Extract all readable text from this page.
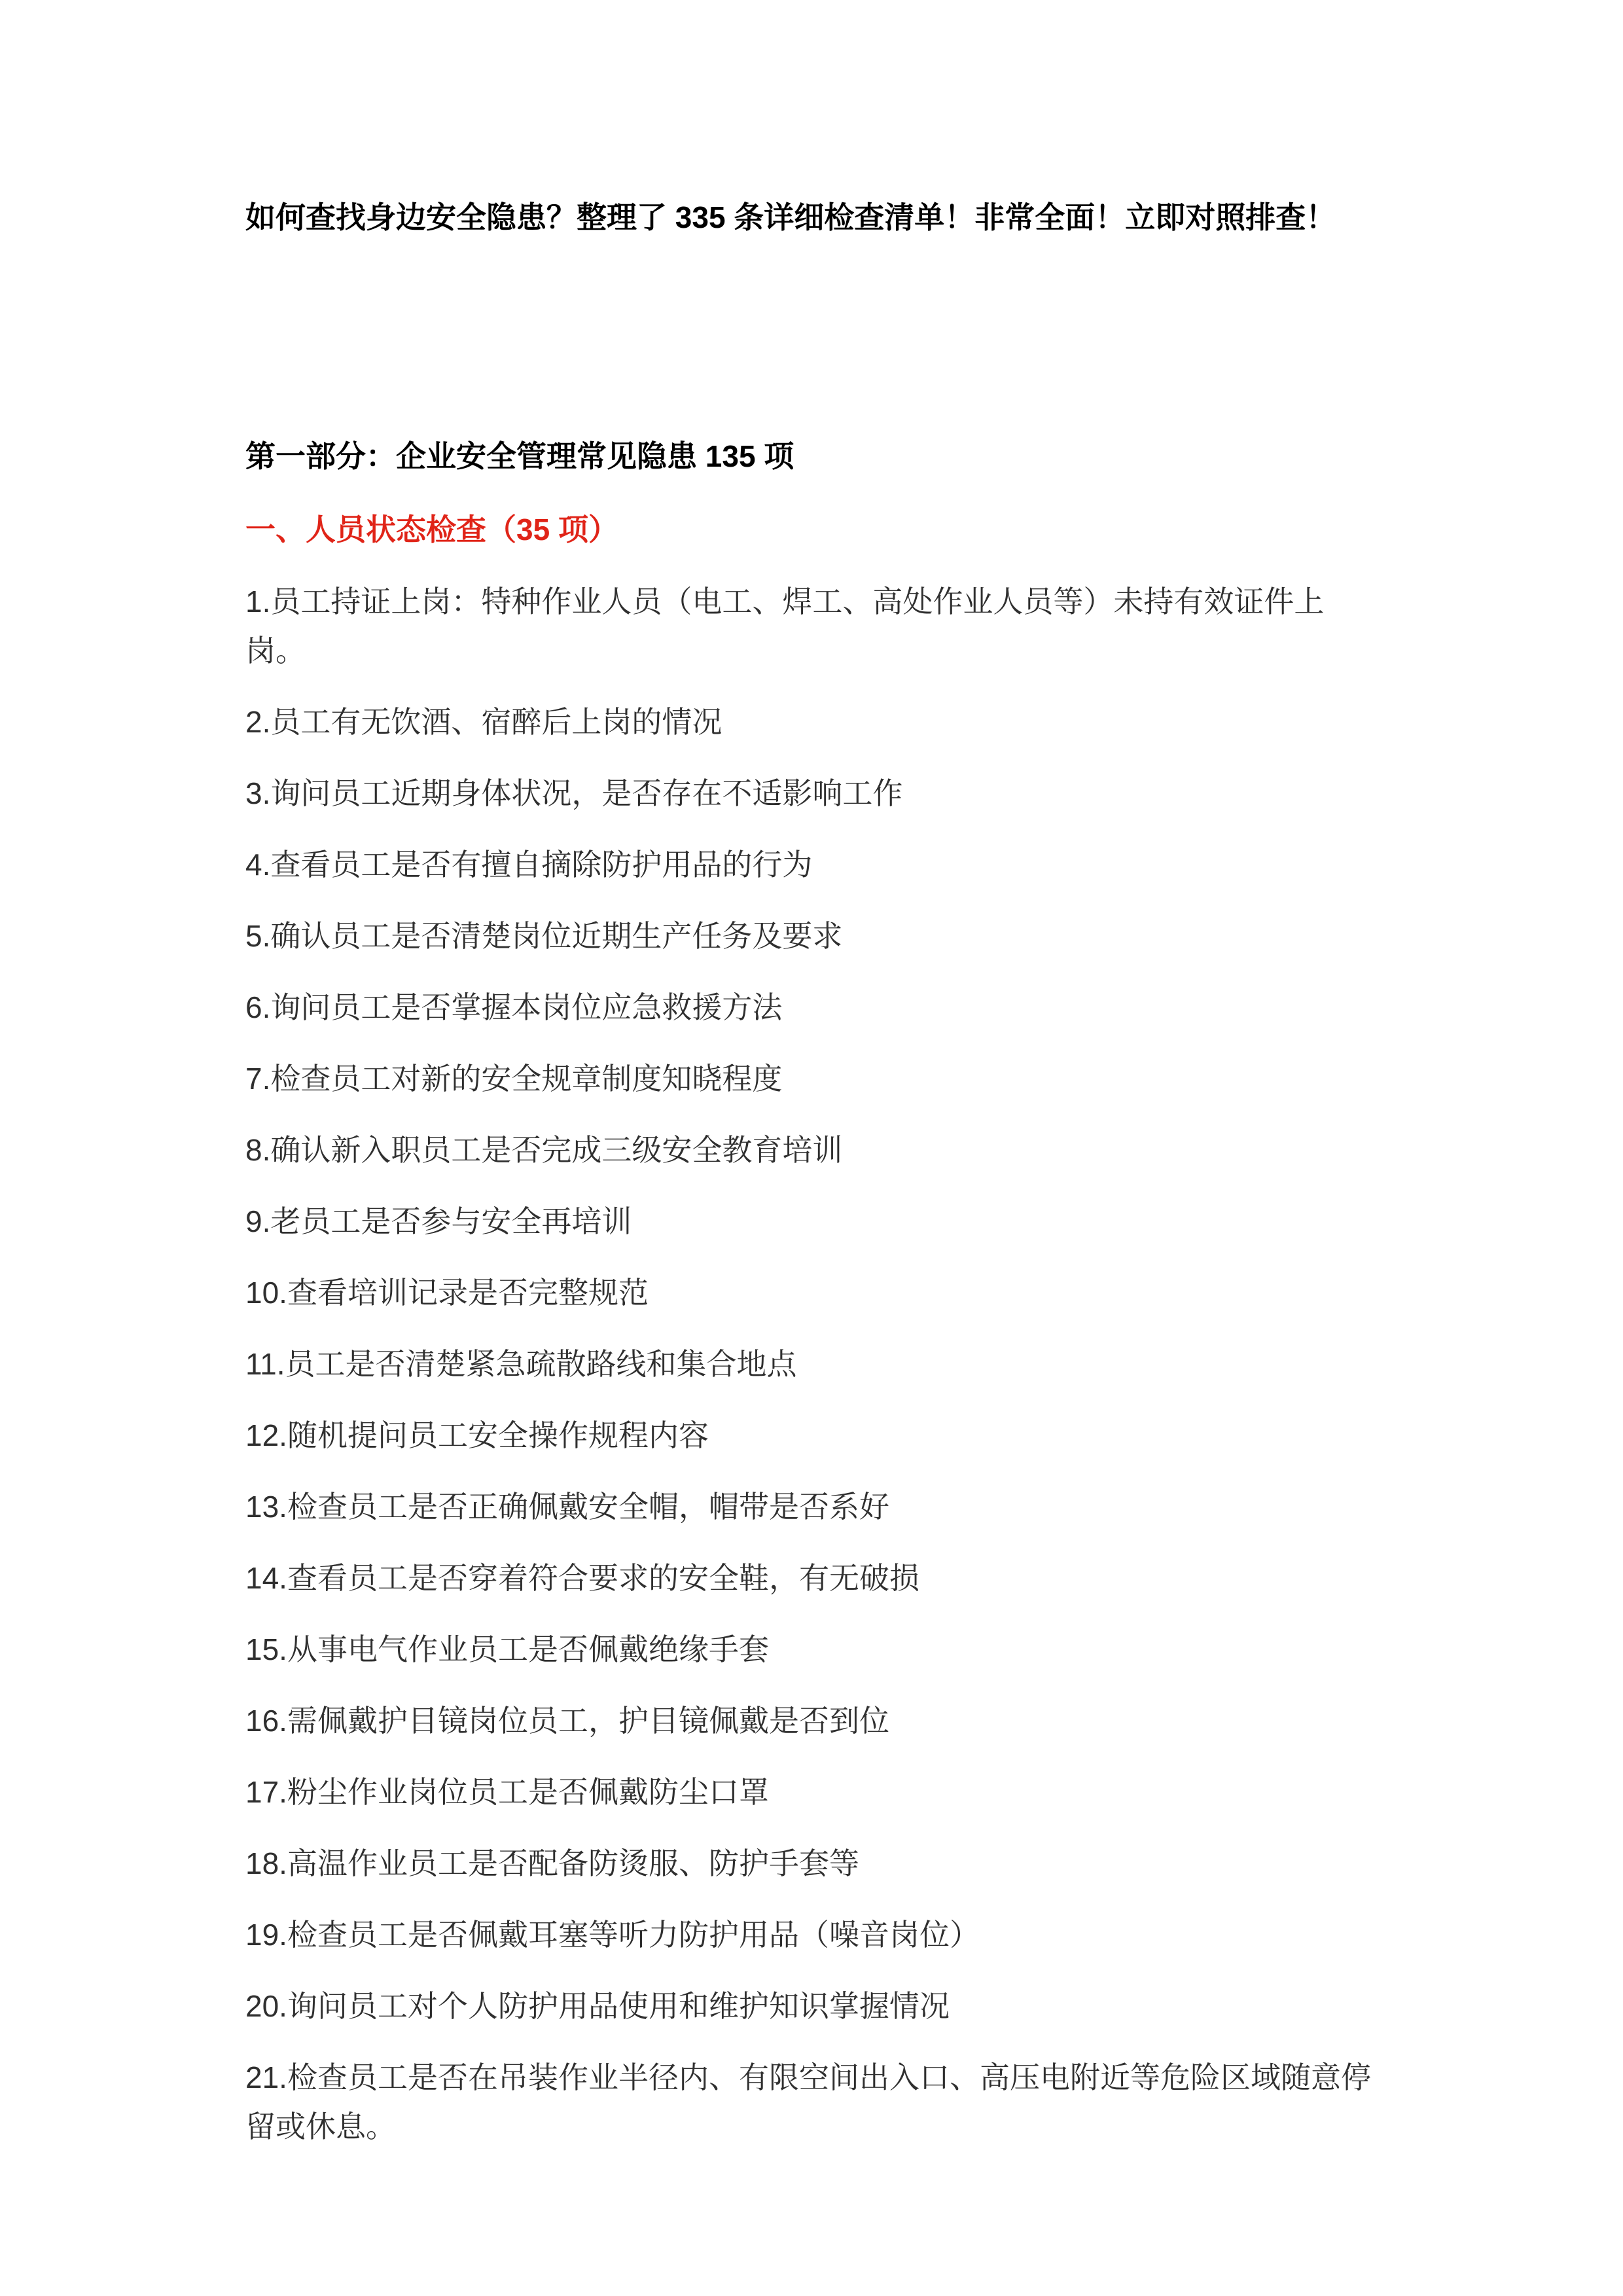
如何查找身边安全隐患？整理了 335 条详细检查清单！非常全面！立即对照排查！

第一部分：企业安全管理常见隐患 135 项

一、人员状态检查（35 项）

1.员工持证上岗：特种作业人员（电工、焊工、高处作业人员等）未持有效证件上岗。

2.员工有无饮酒、宿醉后上岗的情况

3.询问员工近期身体状况，是否存在不适影响工作

4.查看员工是否有擅自摘除防护用品的行为

5.确认员工是否清楚岗位近期生产任务及要求

6.询问员工是否掌握本岗位应急救援方法

7.检查员工对新的安全规章制度知晓程度

8.确认新入职员工是否完成三级安全教育培训

9.老员工是否参与安全再培训

10.查看培训记录是否完整规范

11.员工是否清楚紧急疏散路线和集合地点

12.随机提问员工安全操作规程内容

13.检查员工是否正确佩戴安全帽，帽带是否系好

14.查看员工是否穿着符合要求的安全鞋，有无破损

15.从事电气作业员工是否佩戴绝缘手套

16.需佩戴护目镜岗位员工，护目镜佩戴是否到位

17.粉尘作业岗位员工是否佩戴防尘口罩

18.高温作业员工是否配备防烫服、防护手套等

19.检查员工是否佩戴耳塞等听力防护用品（噪音岗位）

20.询问员工对个人防护用品使用和维护知识掌握情况

21.检查员工是否在吊装作业半径内、有限空间出入口、高压电附近等危险区域随意停留或休息。
